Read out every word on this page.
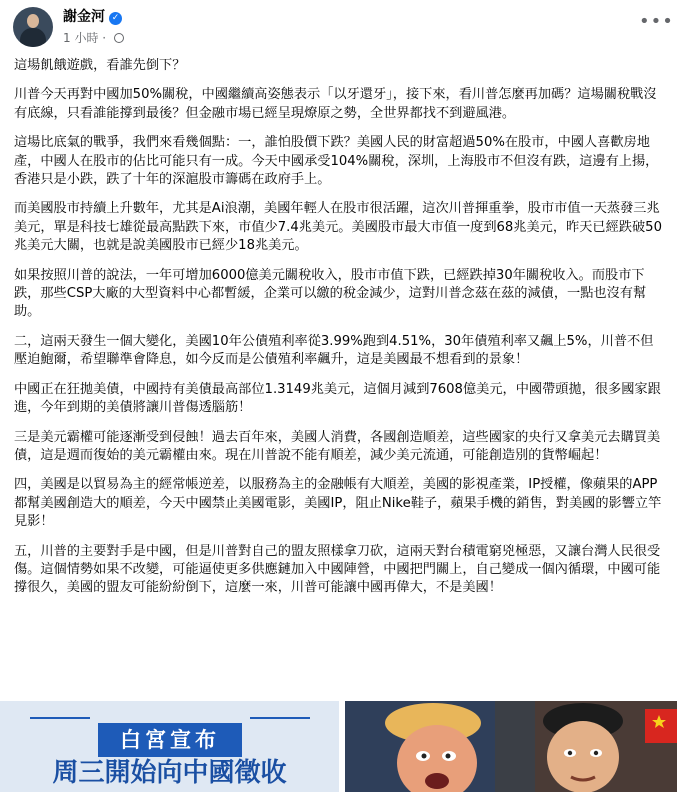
謝金河 ✓
1 小時 ·
•••

這場飢餓遊戲，看誰先倒下？

川普今天再對中國加50%關稅，中國繼續高姿態表示「以牙還牙」，接下來，看川普怎麼再加碼？這場關稅戰沒有底線，只看誰能撐到最後？但金融市場已經呈現燎原之勢，全世界都找不到避風港。

這場比底氣的戰爭，我們來看幾個點：一，誰怕股價下跌？美國人民的財富超過50%在股市，中國人喜歡房地產，中國人在股市的佔比可能只有一成。今天中國承受104%關稅，深圳，上海股市不但沒有跌，這邊有上揚，香港只是小跌，跌了十年的深滬股市籌碼在政府手上。

而美國股市持續上升數年，尤其是Ai浪潮，美國年輕人在股市很活躍，這次川普揮重拳，股市市值一天蒸發三兆美元，單是科技七雄從最高點跌下來，市值少7.4兆美元。美國股市最大市值一度到68兆美元，昨天已經跌破50兆美元大關，也就是說美國股市已經少18兆美元。

如果按照川普的說法，一年可增加6000億美元關稅收入，股市市值下跌，已經跌掉30年關稅收入。而股市下跌，那些CSP大廠的大型資料中心都暫緩，企業可以繳的稅金減少，這對川普念茲在茲的減債，一點也沒有幫助。

二，這兩天發生一個大變化，美國10年公債殖利率從3.99%跑到4.51%，30年債殖利率又飆上5%，川普不但壓迫鮑爾，希望聯準會降息，如今反而是公債殖利率飆升，這是美國最不想看到的景象！

中國正在狂拋美債，中國持有美債最高部位1.3149兆美元，這個月減到7608億美元，中國帶頭拋，很多國家跟進，今年到期的美債將讓川普傷透腦筋！

三是美元霸權可能逐漸受到侵蝕！過去百年來，美國人消費，各國創造順差，這些國家的央行又拿美元去購買美債，這是週而復始的美元霸權由來。現在川普說不能有順差，減少美元流通，可能創造別的貨幣崛起！

四，美國是以貿易為主的經常帳逆差，以服務為主的金融帳有大順差，美國的影視產業，IP授權，像蘋果的APP都幫美國創造大的順差，今天中國禁止美國電影，美國IP，阻止Nike鞋子，蘋果手機的銷售，對美國的影響立竿見影！

五，川普的主要對手是中國，但是川普對自己的盟友照樣拿刀砍，這兩天對台積電窮兇極惡，又讓台灣人民很受傷。這個情勢如果不改變，可能逼使更多供應鏈加入中國陣營，中國把門關上，自己變成一個內循環，中國可能撐很久，美國的盟友可能紛紛倒下，這麼一來，川普可能讓中國再偉大，不是美國！

白宮宣布
周三開始向中國徵收
